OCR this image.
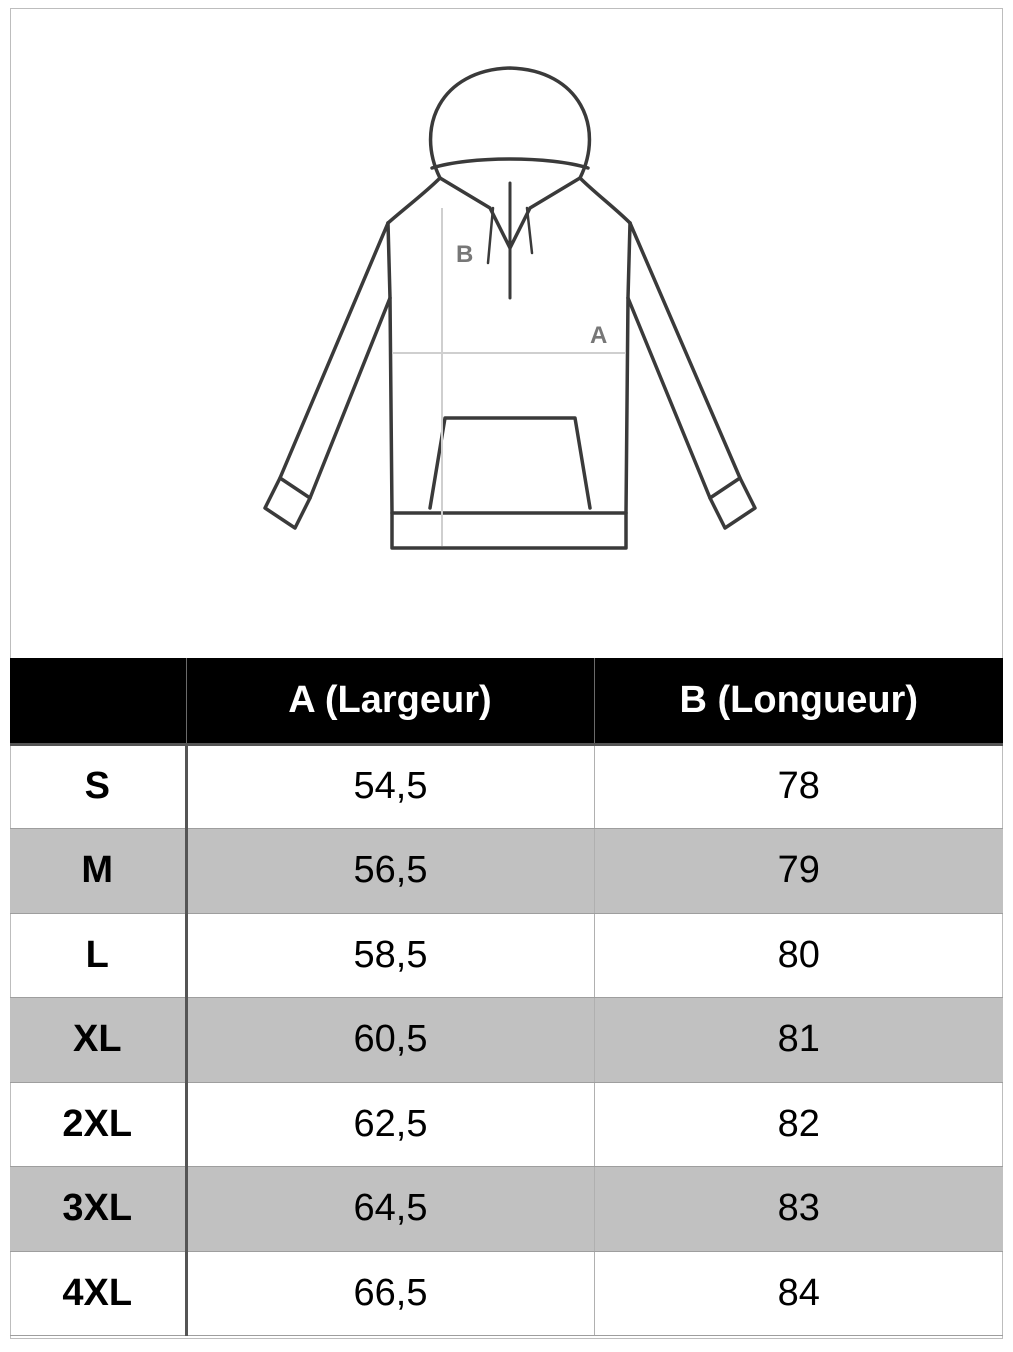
B
A
	A (Largeur)	B (Longueur)
S	54,5	78
M	56,5	79
L	58,5	80
XL	60,5	81
2XL	62,5	82
3XL	64,5	83
4XL	66,5	84
